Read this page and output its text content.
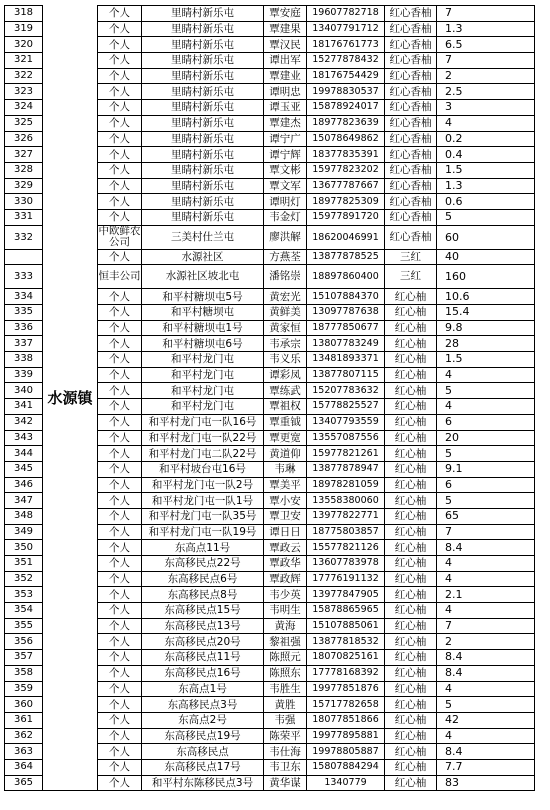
318	水源镇	个人	里睛村新乐屯	覃安庭	19607782718	红心香柚	7
319		个人	里睛村新乐屯	覃建果	13407791712	红心香柚	1.3
320		个人	里睛村新乐屯	覃汉民	18176761773	红心香柚	6.5
321		个人	里睛村新乐屯	谭出军	15277878432	红心香柚	7
322		个人	里睛村新乐屯	覃建业	18176754429	红心香柚	2
323		个人	里睛村新乐屯	谭明忠	19978830537	红心香柚	2.5
324		个人	里睛村新乐屯	谭玉亚	15878924017	红心香柚	3
325		个人	里睛村新乐屯	覃建杰	18977823639	红心香柚	4
326		个人	里睛村新乐屯	谭宁广	15078649862	红心香柚	0.2
327		个人	里睛村新乐屯	谭宁辉	18377835391	红心香柚	0.4
328		个人	里睛村新乐屯	覃文彬	15977823202	红心香柚	1.5
329		个人	里睛村新乐屯	覃文军	13677787667	红心香柚	1.3
330		个人	里睛村新乐屯	谭明灯	18977825309	红心香柚	0.6
331		个人	里睛村新乐屯	韦金灯	15977891720	红心香柚	5
332		中欧鲜农公司	三美村仕兰屯	廖洪解	18620046991	红心香柚	60
		个人	水源社区	方燕荃	13877878525	三红	40
333		恒丰公司	水源社区坡北屯	潘铭崇	18897860400	三红	160
334		个人	和平村糖坝屯5号	黄宏光	15107884370	红心柚	10.6
335		个人	和平村糖坝屯	黄鲜美	13097787638	红心柚	15.4
336		个人	和平村糖坝屯1号	黄家恒	18777850677	红心柚	9.8
337		个人	和平村糖坝屯6号	韦承宗	13807783249	红心柚	28
338		个人	和平村龙门屯	韦义乐	13481893371	红心柚	1.5
339		个人	和平村龙门屯	谭彩凤	13877807115	红心柚	4
340		个人	和平村龙门屯	覃练武	15207783632	红心柚	5
341		个人	和平村龙门屯	覃祖权	15778825527	红心柚	4
342		个人	和平村龙门屯一队16号	覃重钺	13407793559	红心柚	6
343		个人	和平村龙门屯一队22号	覃更宽	13557087556	红心柚	20
344		个人	和平村龙门屯二队22号	黄道仰	15977821261	红心柚	5
345		个人	和平村坡台屯16号	韦琳	13877878947	红心柚	9.1
346		个人	和平村龙门屯一队2号	覃美平	18978281059	红心柚	6
347		个人	和平村龙门屯一队1号	覃小安	13558380060	红心柚	5
348		个人	和平村龙门屯一队35号	覃卫安	13977822771	红心柚	65
349		个人	和平村龙门屯一队19号	谭日日	18775803857	红心柚	7
350		个人	东高点11号	覃政云	15577821126	红心柚	8.4
351		个人	东高移民点22号	覃政华	13607783978	红心柚	4
352		个人	东高移民点6号	覃政辉	17776191132	红心柚	4
353		个人	东高移民点8号	韦少英	13977847905	红心柚	2.1
354		个人	东高移民点15号	韦明生	15878865965	红心柚	4
355		个人	东高移民点13号	黄海	15107885061	红心柚	7
356		个人	东高移民点20号	黎祖强	13877818532	红心柚	2
357		个人	东高移民点11号	陈照元	18070825161	红心柚	8.4
358		个人	东高移民点16号	陈照东	17778168392	红心柚	8.4
359		个人	东高点1号	韦胜生	19977851876	红心柚	4
360		个人	东高移民点3号	黄胜	15717782658	红心柚	5
361		个人	东高点2号	韦强	18077851866	红心柚	42
362		个人	东高移民点19号	陈荣平	19977895881	红心柚	4
363		个人	东高移民点	韦仕海	19978805887	红心柚	8.4
364		个人	东高移民点17号	韦卫东	15807884294	红心柚	7.7
365		个人	和平村东陈移民点3号	黄华谋	1340779	红心柚	83
